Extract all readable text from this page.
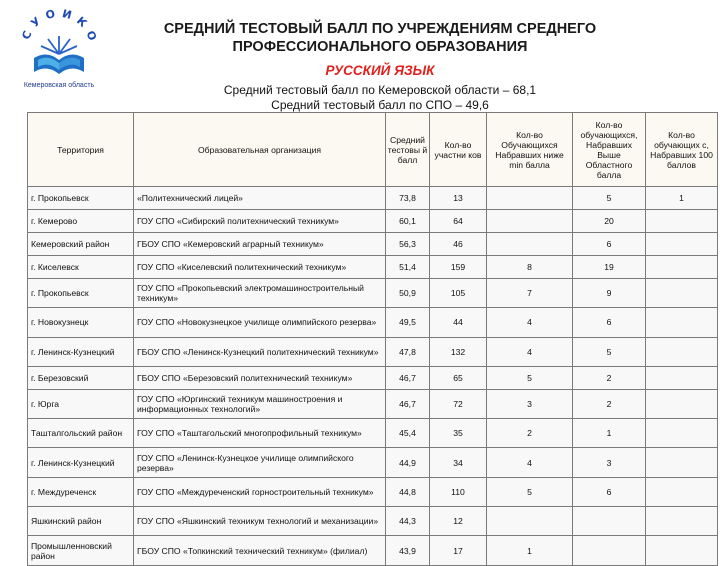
С У О И К О
Кемеровская область
СРЕДНИЙ ТЕСТОВЫЙ БАЛЛ ПО УЧРЕЖДЕНИЯМ СРЕДНЕГО
ПРОФЕССИОНАЛЬНОГО ОБРАЗОВАНИЯ
РУССКИЙ ЯЗЫК
Средний тестовый балл по Кемеровской области – 68,1
Средний тестовый балл по СПО – 49,6
Территория	Образовательная организация	Средний тестовы й балл	Кол-во участни ков	Кол-во Обучающихся Набравших ниже min балла	Кол-во обучающихся, Набравших Выше Областного балла	Кол-во обучающих с, Набравших 100 баллов
г. Прокопьевск	«Политехнический лицей»	73,8	13		5	1
г. Кемерово	ГОУ СПО «Сибирский политехнический техникум»	60,1	64		20	
Кемеровский район	ГБОУ СПО «Кемеровский аграрный техникум»	56,3	46		6	
г. Киселевск	ГОУ СПО «Киселевский политехнический техникум»	51,4	159	8	19	
г. Прокопьевск	ГОУ СПО «Прокопьевский электромашиностроительный техникум»	50,9	105	7	9	
г. Новокузнецк	ГОУ СПО «Новокузнецкое училище олимпийского резерва»	49,5	44	4	6	
г. Ленинск-Кузнецкий	ГБОУ СПО «Ленинск-Кузнецкий политехнический техникум»	47,8	132	4	5	
г. Березовский	ГБОУ СПО «Березовский политехнический техникум»	46,7	65	5	2	
г. Юрга	ГОУ СПО «Юргинский техникум машиностроения и информационных технологий»	46,7	72	3	2	
Ташталгольский район	ГОУ СПО «Таштагольский многопрофильный техникум»	45,4	35	2	1	
г. Ленинск-Кузнецкий	ГОУ СПО «Ленинск-Кузнецкое училище олимпийского резерва»	44,9	34	4	3	
г. Междуреченск	ГОУ СПО «Междуреченский горностроительный техникум»	44,8	110	5	6	
Яшкинский район	ГОУ СПО «Яшкинский техникум технологий и механизации»	44,3	12			
Промышленновский район	ГБОУ СПО «Топкинский технический техникум» (филиал)	43,9	17	1		
